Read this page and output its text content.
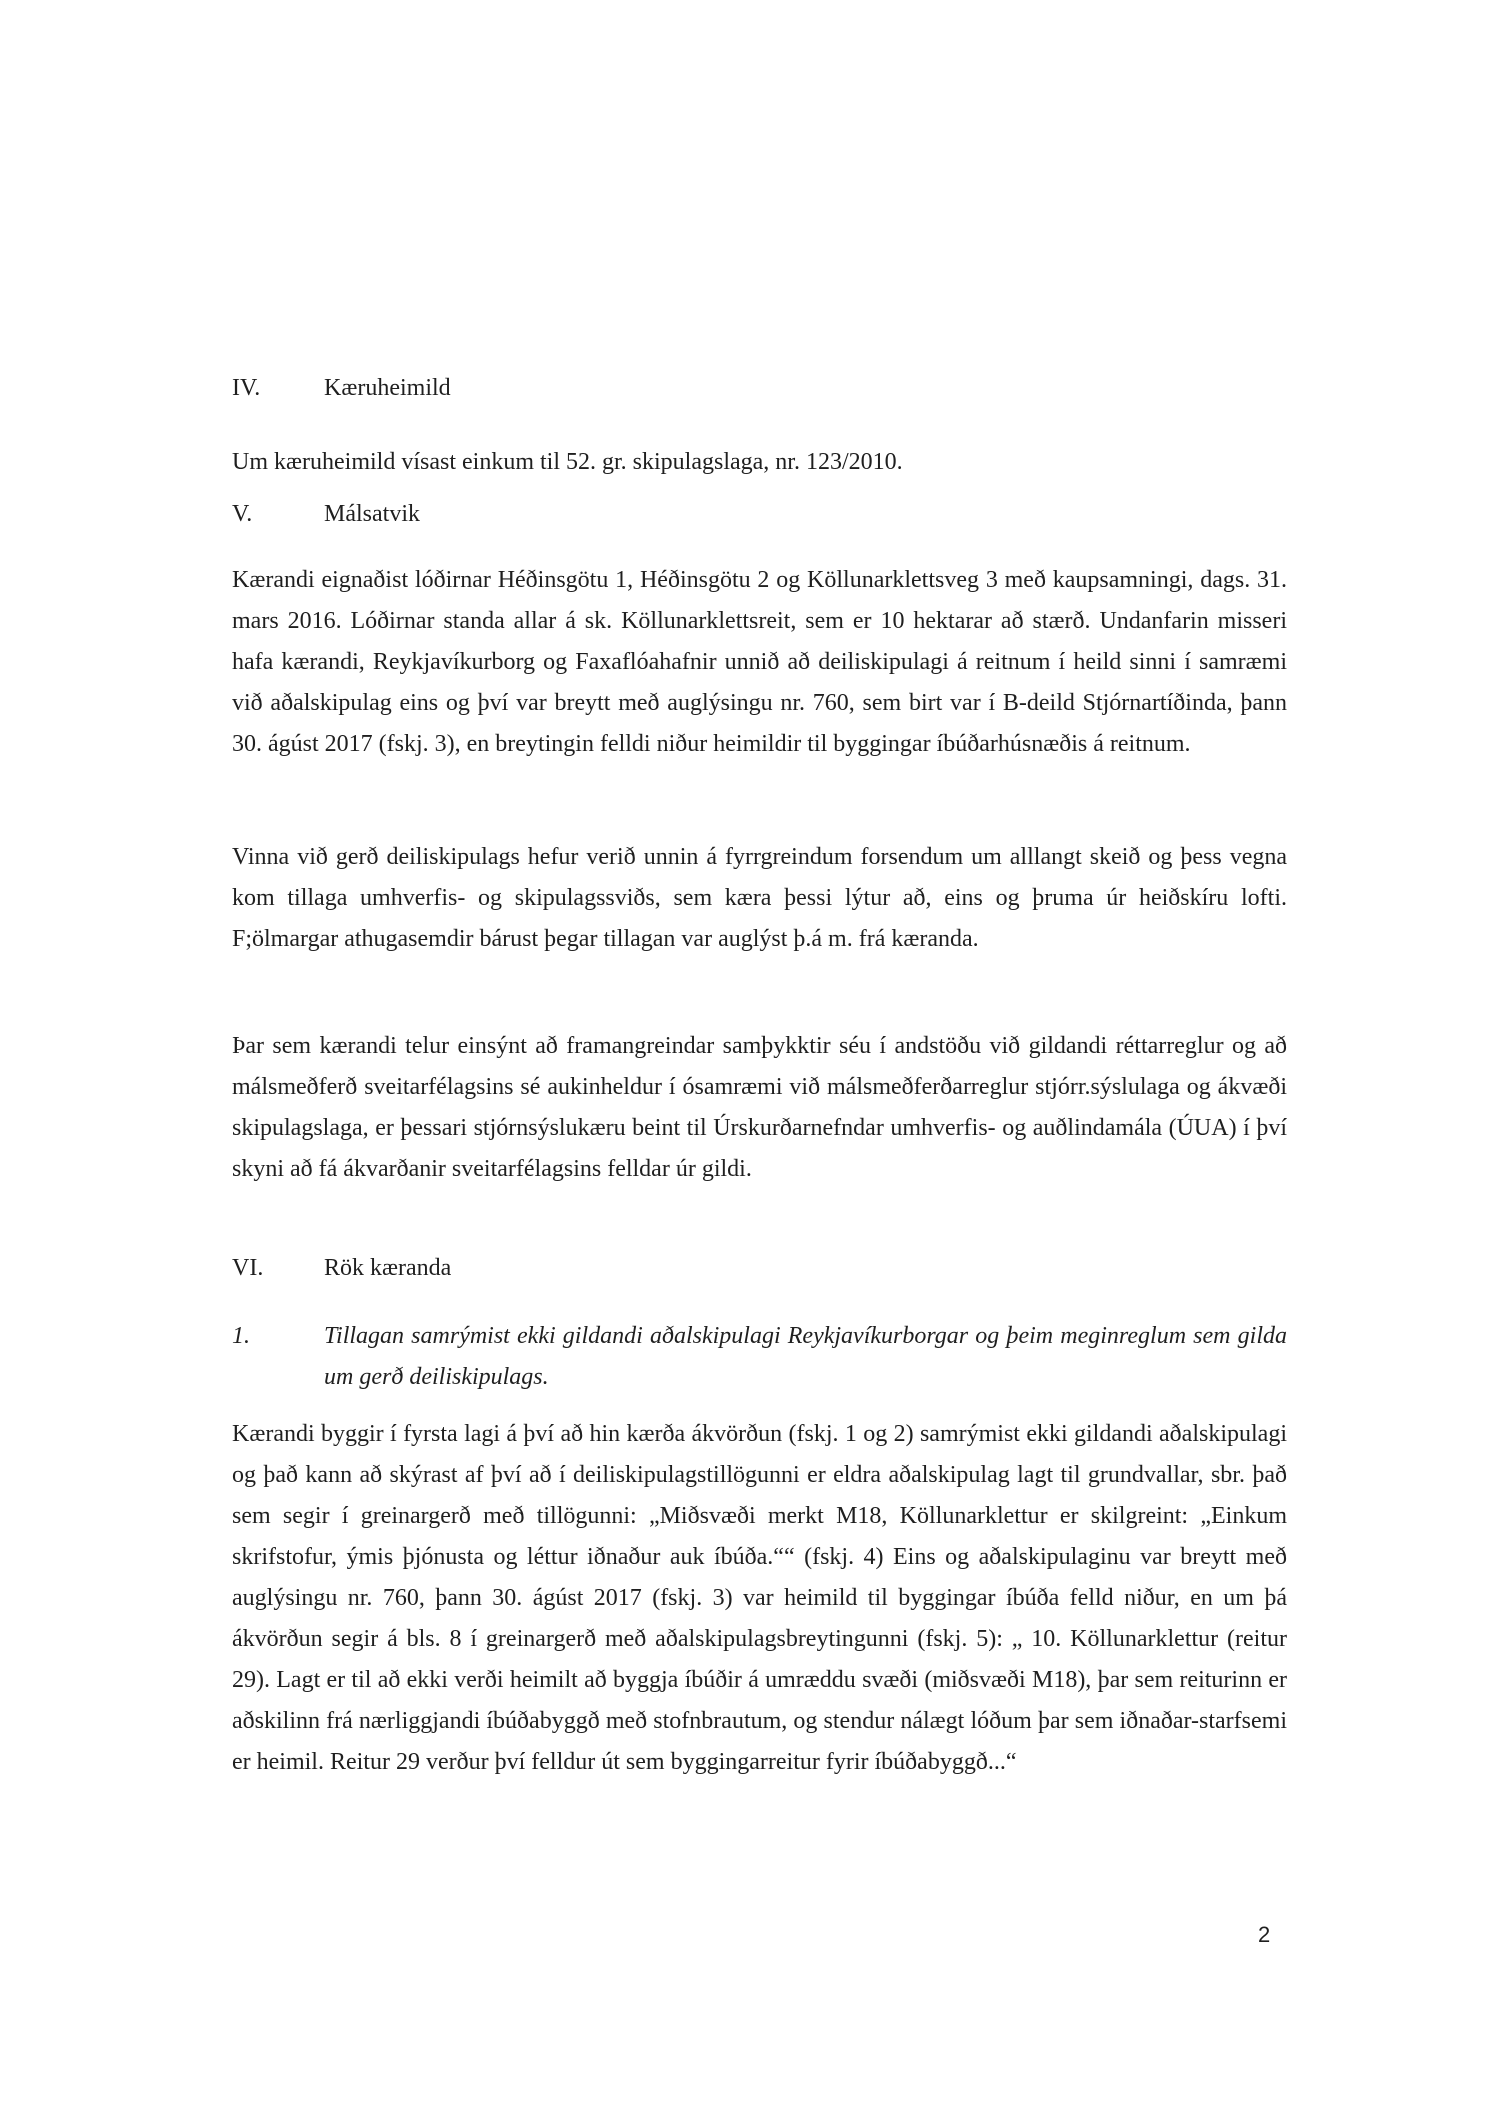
IV.	Kæruheimild
Um kæruheimild vísast einkum til 52. gr. skipulagslaga, nr. 123/2010.
V.	Málsatvik

Kærandi eignaðist lóðirnar Héðinsgötu 1, Héðinsgötu 2 og Köllunarklettsveg 3 með kaupsamningi, dags. 31. mars 2016. Lóðirnar standa allar á sk. Köllunarklettsreit, sem er 10 hektarar að stærð. Undanfarin misseri hafa kærandi, Reykjavíkurborg og Faxaflóahafnir unnið að deiliskipulagi á reitnum í heild sinni í samræmi við aðalskipulag eins og því var breytt með auglýsingu nr. 760, sem birt var í B-deild Stjórnartíðinda, þann 30. ágúst 2017 (fskj. 3), en breytingin felldi niður heimildir til byggingar íbúðarhúsnæðis á reitnum.

Vinna við gerð deiliskipulags hefur verið unnin á fyrrgreindum forsendum um alllangt skeið og þess vegna kom tillaga umhverfis- og skipulagssviðs, sem kæra þessi lýtur að, eins og þruma úr heiðskíru lofti. F;ölmargar athugasemdir bárust þegar tillagan var auglýst þ.á m. frá kæranda.

Þar sem kærandi telur einsýnt að framangreindar samþykktir séu í andstöðu við gildandi réttarreglur og að málsmeðferð sveitarfélagsins sé aukinheldur í ósamræmi við málsmeðferðarreglur stjórr.sýslulaga og ákvæði skipulagslaga, er þessari stjórnsýslukæru beint til Úrskurðarnefndar umhverfis- og auðlindamála (ÚUA) í því skyni að fá ákvarðanir sveitarfélagsins felldar úr gildi.

VI.	Rök kæranda
1.	Tillagan samrýmist ekki gildandi aðalskipulagi Reykjavíkurborgar og þeim meginreglum sem gilda um gerð deiliskipulags.

Kærandi byggir í fyrsta lagi á því að hin kærða ákvörðun (fskj. 1 og 2) samrýmist ekki gildandi aðalskipulagi og það kann að skýrast af því að í deiliskipulagstillögunni er eldra aðalskipulag lagt til grundvallar, sbr. það sem segir í greinargerð með tillögunni: „Miðsvæði merkt M18, Köllunarklettur er skilgreint: „Einkum skrifstofur, ýmis þjónusta og léttur iðnaður auk íbúða.““ (fskj. 4) Eins og aðalskipulaginu var breytt með auglýsingu nr. 760, þann 30. ágúst 2017 (fskj. 3) var heimild til byggingar íbúða felld niður, en um þá ákvörðun segir á bls. 8 í greinargerð með aðalskipulagsbreytingunni (fskj. 5): „ 10. Köllunarklettur (reitur 29). Lagt er til að ekki verði heimilt að byggja íbúðir á umræddu svæði (miðsvæði M18), þar sem reiturinn er aðskilinn frá nærliggjandi íbúðabyggð með stofnbrautum, og stendur nálægt lóðum þar sem iðnaðar-starfsemi er heimil. Reitur 29 verður því felldur út sem byggingarreitur fyrir íbúðabyggð...“

2
